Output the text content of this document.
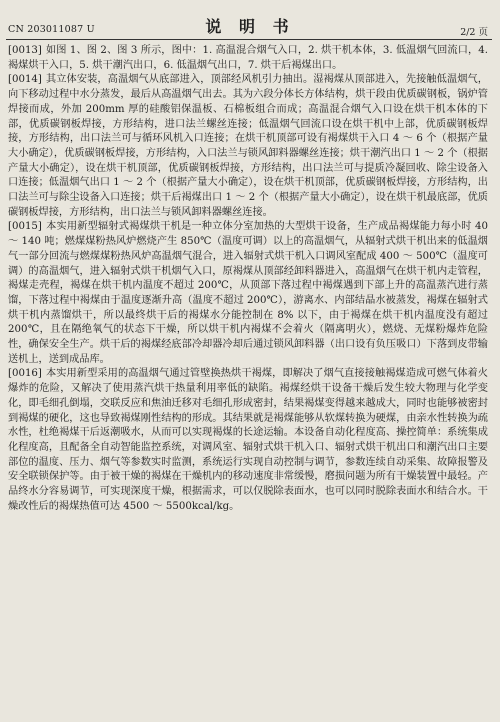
CN 203011087 U	说 明 书	2/2 页

[0013] 如图 1、图 2、图 3 所示，图中：1. 高温混合烟气入口，2. 烘干机本体，3. 低温烟气回流口，4. 褐煤烘干入口，5. 烘干潮汽出口，6. 低温烟气出口，7. 烘干后褐煤出口。

[0014] 其立体安装，高温烟气从底部进入，顶部经风机引力抽出。湿褐煤从顶部进入，先接触低温烟气，向下移动过程中水分蒸发，最后从高温烟气出去。其为六段分体长方体结构，烘干段由优质碳钢板，锅炉管焊接而成，外加 200mm 厚的硅酸铝保温板、石棉板组合而成；高温混合烟气入口设在烘干机本体的下部，优质碳钢板焊接，方形结构，进口法兰螺丝连接；低温烟气回流口设在烘干机中上部，优质碳钢板焊接，方形结构，出口法兰可与循环风机入口连接；在烘干机顶部可设有褐煤烘干入口 4 ～ 6 个（根据产量大小确定），优质碳钢板焊接，方形结构，入口法兰与锁风卸料器螺丝连接；烘干潮汽出口 1 ～ 2 个（根据产量大小确定），设在烘干机顶部，优质碳钢板焊接，方形结构，出口法兰可与提质冷凝回收、除尘设备入口连接；低温烟气出口 1 ～ 2 个（根据产量大小确定），设在烘干机顶部，优质碳钢板焊接，方形结构，出口法兰可与除尘设备入口连接；烘干后褐煤出口 1 ～ 2 个（根据产量大小确定），设在烘干机最底部，优质碳钢板焊接，方形结构，出口法兰与锁风卸料器螺丝连接。

[0015] 本实用新型辐射式褐煤烘干机是一种立体分室加热的大型烘干设备，生产成品褐煤能力每小时 40 ～ 140 吨；燃煤煤粉热风炉燃烧产生 850℃（温度可调）以上的高温烟气，从辐射式烘干机出来的低温烟气一部分回流与燃煤煤粉热风炉高温烟气混合，进入辐射式烘干机入口调风室配成 400 ～ 500℃（温度可调）的高温烟气，进入辐射式烘干机烟气入口，原褐煤从顶部经卸料器进入，高温烟气在烘干机内走管程，褐煤走壳程，褐煤在烘干机内温度不超过 200℃，从顶部下落过程中褐煤遇到下部上升的高温蒸汽进行蒸馏，下落过程中褐煤由于温度逐渐升高（温度不超过 200℃），游离水、内部结晶水被蒸发，褐煤在辐射式烘干机内蒸馏烘干，所以最终烘干后的褐煤水分能控制在 8% 以下，由于褐煤在烘干机内温度没有超过 200℃，且在隔绝氧气的状态下干燥，所以烘干机内褐煤不会着火（隔离明火），燃烧、无煤粉爆炸危险性，确保安全生产。烘干后的褐煤经底部冷却器冷却后通过锁风卸料器（出口设有负压吸口）下落到皮带输送机上，送到成品库。

[0016] 本实用新型采用的高温烟气通过管壁换热烘干褐煤，即解决了烟气直接接触褐煤造成可燃气体着火爆炸的危险，又解决了使用蒸汽烘干热量利用率低的缺陷。褐煤经烘干设备干燥后发生较大物理与化学变化，即毛细孔倒塌，交联反应和焦油迁移对毛细孔形成密封，结果褐煤变得越来越成大，同时也能够被密封到褐煤的硬化，这也导致褐煤刚性结构的形成。其结果就是褐煤能够从软煤转换为硬煤，由亲水性转换为疏水性，杜绝褐煤干后返潮吸水，从而可以实现褐煤的长途运输。本设备自动化程度高、操控简单：系统集成化程度高，且配备全自动智能监控系统，对调风室、辐射式烘干机入口、辐射式烘干机出口和潮汽出口主要部位的温度、压力、烟气等参数实时监测，系统运行实现自动控制与调节，参数连续自动采集、故障报警及安全联锁保护等。由于被干燥的褐煤在干燥机内的移动速度非常缓慢，磨损问题为所有干燥装置中最轻。产品终水分容易调节，可实现深度干燥，根据需求，可以仅脱除表面水，也可以同时脱除表面水和结合水。干燥改性后的褐煤热值可达 4500 ～ 5500kcal/kg。
